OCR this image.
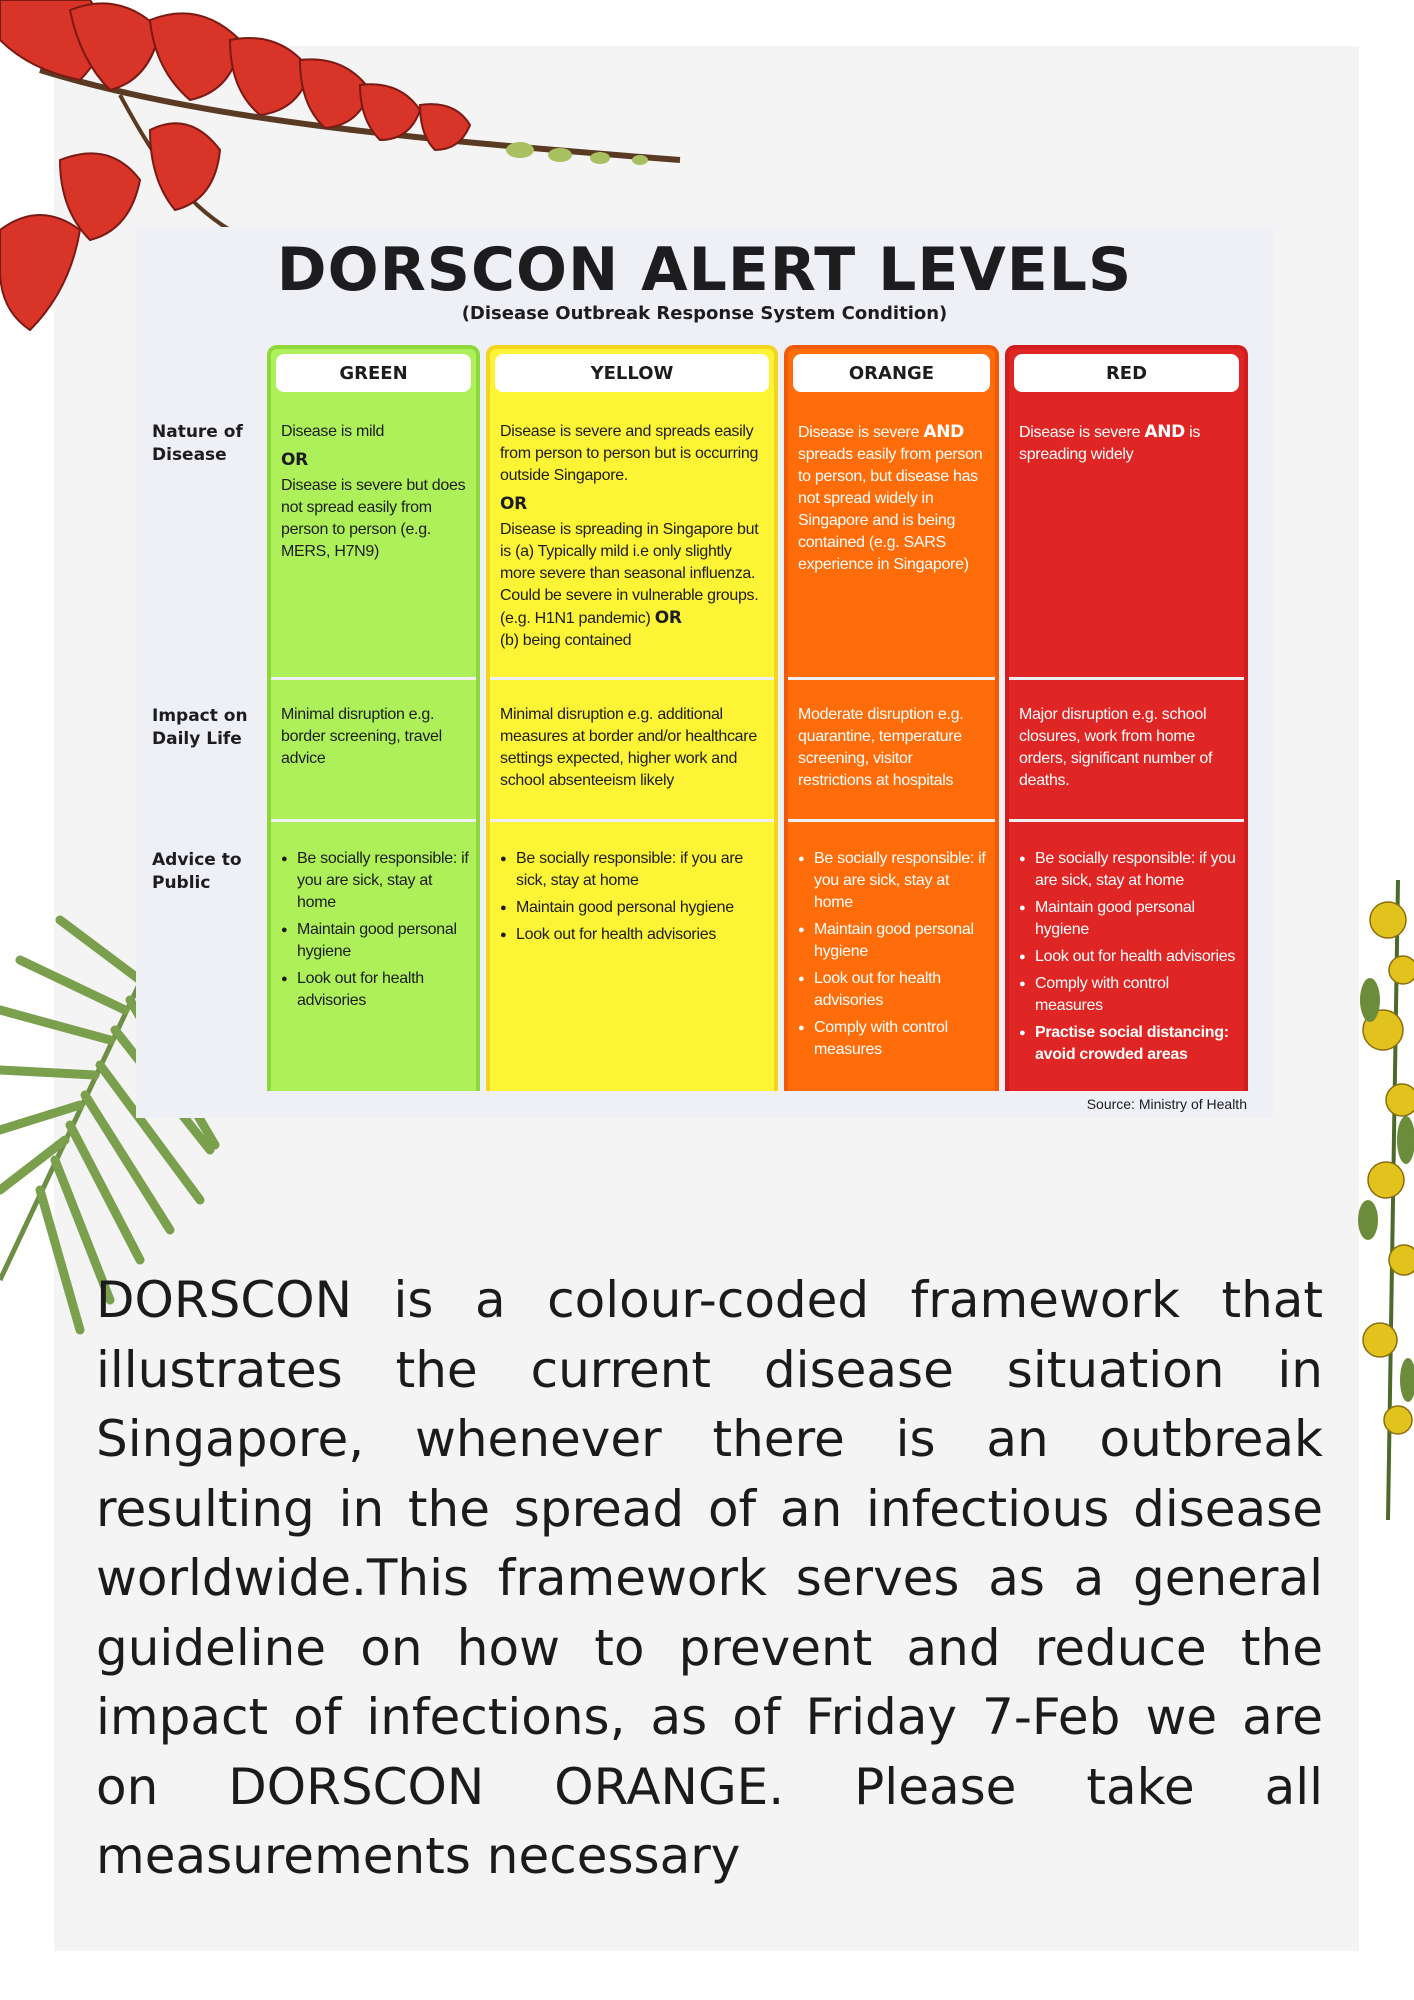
DORSCON ALERT LEVELS
(Disease Outbreak Response System Condition)
Nature of
Disease
Impact on
Daily Life
Advice to
Public
GREEN

Disease is mild

OR

Disease is severe but does not spread easily from person to person (e.g. MERS, H7N9)

Minimal disruption e.g. border screening, travel advice
● Be socially responsible: if you are sick, stay at home
● Maintain good personal hygiene
● Look out for health advisories
YELLOW

Disease is severe and spreads easily from person to person but is occurring outside Singapore.

OR

Disease is spreading in Singapore but is (a) Typically mild i.e only slightly more severe than seasonal influenza. Could be severe in vulnerable groups. (e.g. H1N1 pandemic) OR

(b) being contained

Minimal disruption e.g. additional measures at border and/or healthcare settings expected, higher work and school absenteeism likely
● Be socially responsible: if you are sick, stay at home
● Maintain good personal hygiene
● Look out for health advisories
ORANGE

Disease is severe AND spreads easily from person to person, but disease has not spread widely in Singapore and is being contained (e.g. SARS experience in Singapore)

Moderate disruption e.g. quarantine, temperature screening, visitor restrictions at hospitals
● Be socially responsible: if you are sick, stay at home
● Maintain good personal hygiene
● Look out for health advisories
● Comply with control measures
RED

Disease is severe AND is spreading widely

Major disruption e.g. school closures, work from home orders, significant number of deaths.
● Be socially responsible: if you are sick, stay at home
● Maintain good personal hygiene
● Look out for health advisories
● Comply with control measures
● Practise social distancing: avoid crowded areas
Source: Ministry of Health
DORSCON is a colour-coded framework that illustrates the current disease situation in Singapore, whenever there is an outbreak resulting in the spread of an infectious disease worldwide.This framework serves as a general guideline on how to prevent and reduce the impact of infections, as of Friday 7-Feb we are on DORSCON ORANGE. Please take all measurements necessary
